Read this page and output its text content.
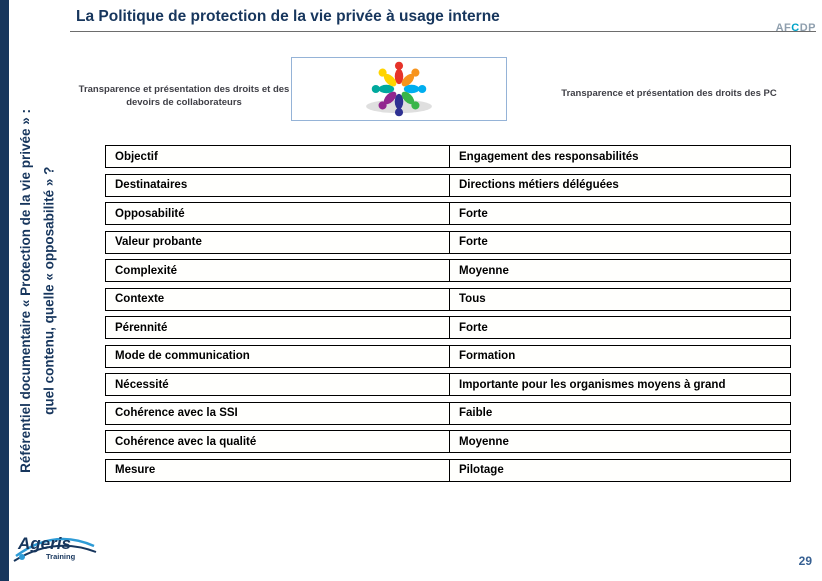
Référentiel documentaire « Protection de la vie privée » : quel contenu, quelle « opposabilité » ?
La Politique de protection de la vie privée à usage interne
AFCDP
Transparence et présentation des droits et des devoirs de collaborateurs
Transparence et présentation des droits des PC
Objectif	Engagement des responsabilités
Destinataires	Directions métiers déléguées
Opposabilité	Forte
Valeur probante	Forte
Complexité	Moyenne
Contexte	Tous
Pérennité	Forte
Mode de communication	Formation
Nécessité	Importante pour les organismes moyens à grand
Cohérence avec la SSI	Faible
Cohérence avec la qualité	Moyenne
Mesure	Pilotage
Ageris
Training	29
